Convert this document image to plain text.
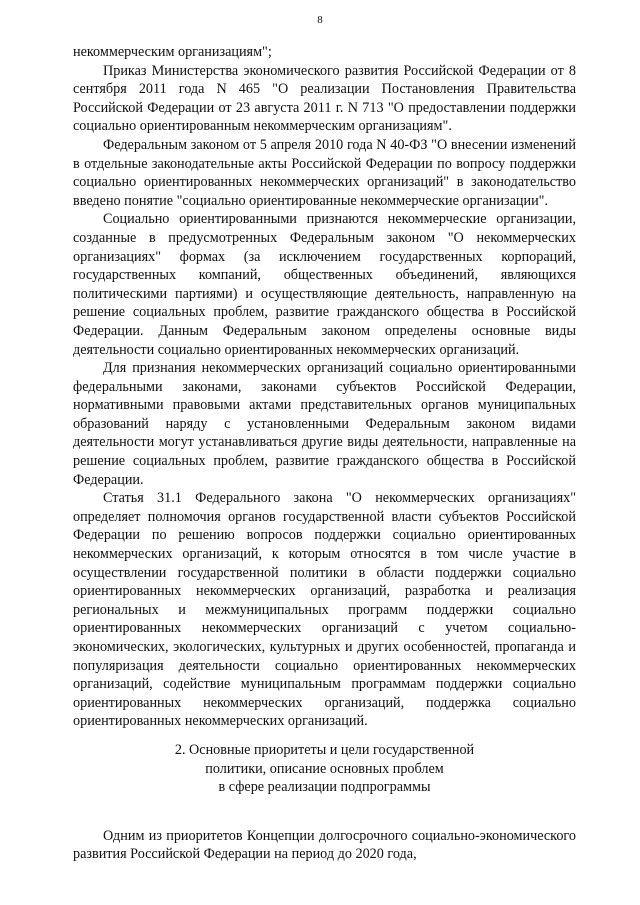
8

некоммерческим организациям";

Приказ Министерства экономического развития Российской Федерации от 8 сентября 2011 года N 465 "О реализации Постановления Правительства Российской Федерации от 23 августа 2011 г. N 713 "О предоставлении поддержки социально ориентированным некоммерческим организациям".

Федеральным законом от 5 апреля 2010 года N 40-ФЗ "О внесении изменений в отдельные законодательные акты Российской Федерации по вопросу поддержки социально ориентированных некоммерческих организаций" в законодательство введено понятие "социально ориентированные некоммерческие организации".

Социально ориентированными признаются некоммерческие организации, созданные в предусмотренных Федеральным законом "О некоммерческих организациях" формах (за исключением государственных корпораций, государственных компаний, общественных объединений, являющихся политическими партиями) и осуществляющие деятельность, направленную на решение социальных проблем, развитие гражданского общества в Российской Федерации. Данным Федеральным законом определены основные виды деятельности социально ориентированных некоммерческих организаций.

Для признания некоммерческих организаций социально ориентированными федеральными законами, законами субъектов Российской Федерации, нормативными правовыми актами представительных органов муниципальных образований наряду с установленными Федеральным законом видами деятельности могут устанавливаться другие виды деятельности, направленные на решение социальных проблем, развитие гражданского общества в Российской Федерации.

Статья 31.1 Федерального закона "О некоммерческих организациях" определяет полномочия органов государственной власти субъектов Российской Федерации по решению вопросов поддержки социально ориентированных некоммерческих организаций, к которым относятся в том числе участие в осуществлении государственной политики в области поддержки социально ориентированных некоммерческих организаций, разработка и реализация региональных и межмуниципальных программ поддержки социально ориентированных некоммерческих организаций с учетом социально-экономических, экологических, культурных и других особенностей, пропаганда и популяризация деятельности социально ориентированных некоммерческих организаций, содействие муниципальным программам поддержки социально ориентированных некоммерческих организаций, поддержка социально ориентированных некоммерческих организаций.

2. Основные приоритеты и цели государственной
политики, описание основных проблем
в сфере реализации подпрограммы

Одним из приоритетов Концепции долгосрочного социально-экономического развития Российской Федерации на период до 2020 года,
